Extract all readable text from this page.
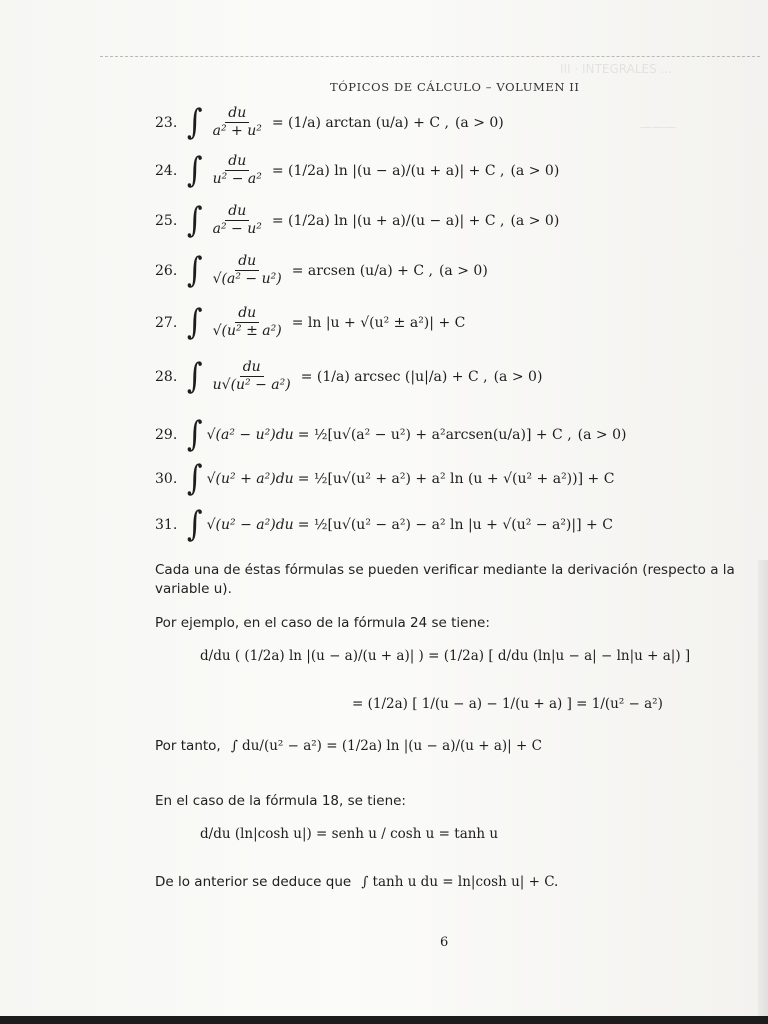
III · INTEGRALES ...
———
TÓPICOS DE CÁLCULO – VOLUMEN II
23. ∫ $\frac{du}{\text{a² + u²}} = (1/a)$ arctan (u/a) + C , (a > 0)
24. ∫ $\frac{du}{\text{u² − a²}} = (1/2a)$ ln |(u − a)/(u + a)| + C , (a > 0)
25. ∫ $\frac{du}{\text{a² − u²}} = (1/2a)$ ln |(u + a)/(u − a)| + C , (a > 0)
26. ∫ $\frac{du}{\text{√(a² − u²)}}$ = arcsen (u/a) + C , (a > 0)
27. ∫ $\frac{du}{\text{√(u² ± a²)}} = \ln |u + √(u^2 \pm a^2)| + C$
28. ∫ $\frac{du}{\text{u√(u² − a²)}} = (1/a)$ arcsec (|u|/a) + C , (a > 0)
29. ∫ √(a² − u²)du = ½[u√(a² − u²) + a²arcsen(u/a)] + C , (a > 0)
30. ∫ √(u² + a²)du = ½[u√(u² + a²) + a² ln (u + √(u² + a²))] + C
31. ∫ √(u² − a²)du = ½[u√(u² − a²) − a² ln |u + √(u² − a²)|] + C
Cada una de éstas fórmulas se pueden verificar mediante la derivación (respecto a la variable u).
Por ejemplo, en el caso de la fórmula 24 se tiene:
d/du ( (1/2a) ln |(u − a)/(u + a)| ) = (1/2a) [ d/du (ln|u − a| − ln|u + a|) ]
= (1/2a) [ 1/(u − a) − 1/(u + a) ] = 1/(u² − a²)
Por tanto, ∫ du/(u² − a²) = (1/2a) ln |(u − a)/(u + a)| + C
En el caso de la fórmula 18, se tiene:
d/du (ln|cosh u|) = senh u / cosh u = tanh u
De lo anterior se deduce que ∫ tanh u du = ln|cosh u| + C.
6
